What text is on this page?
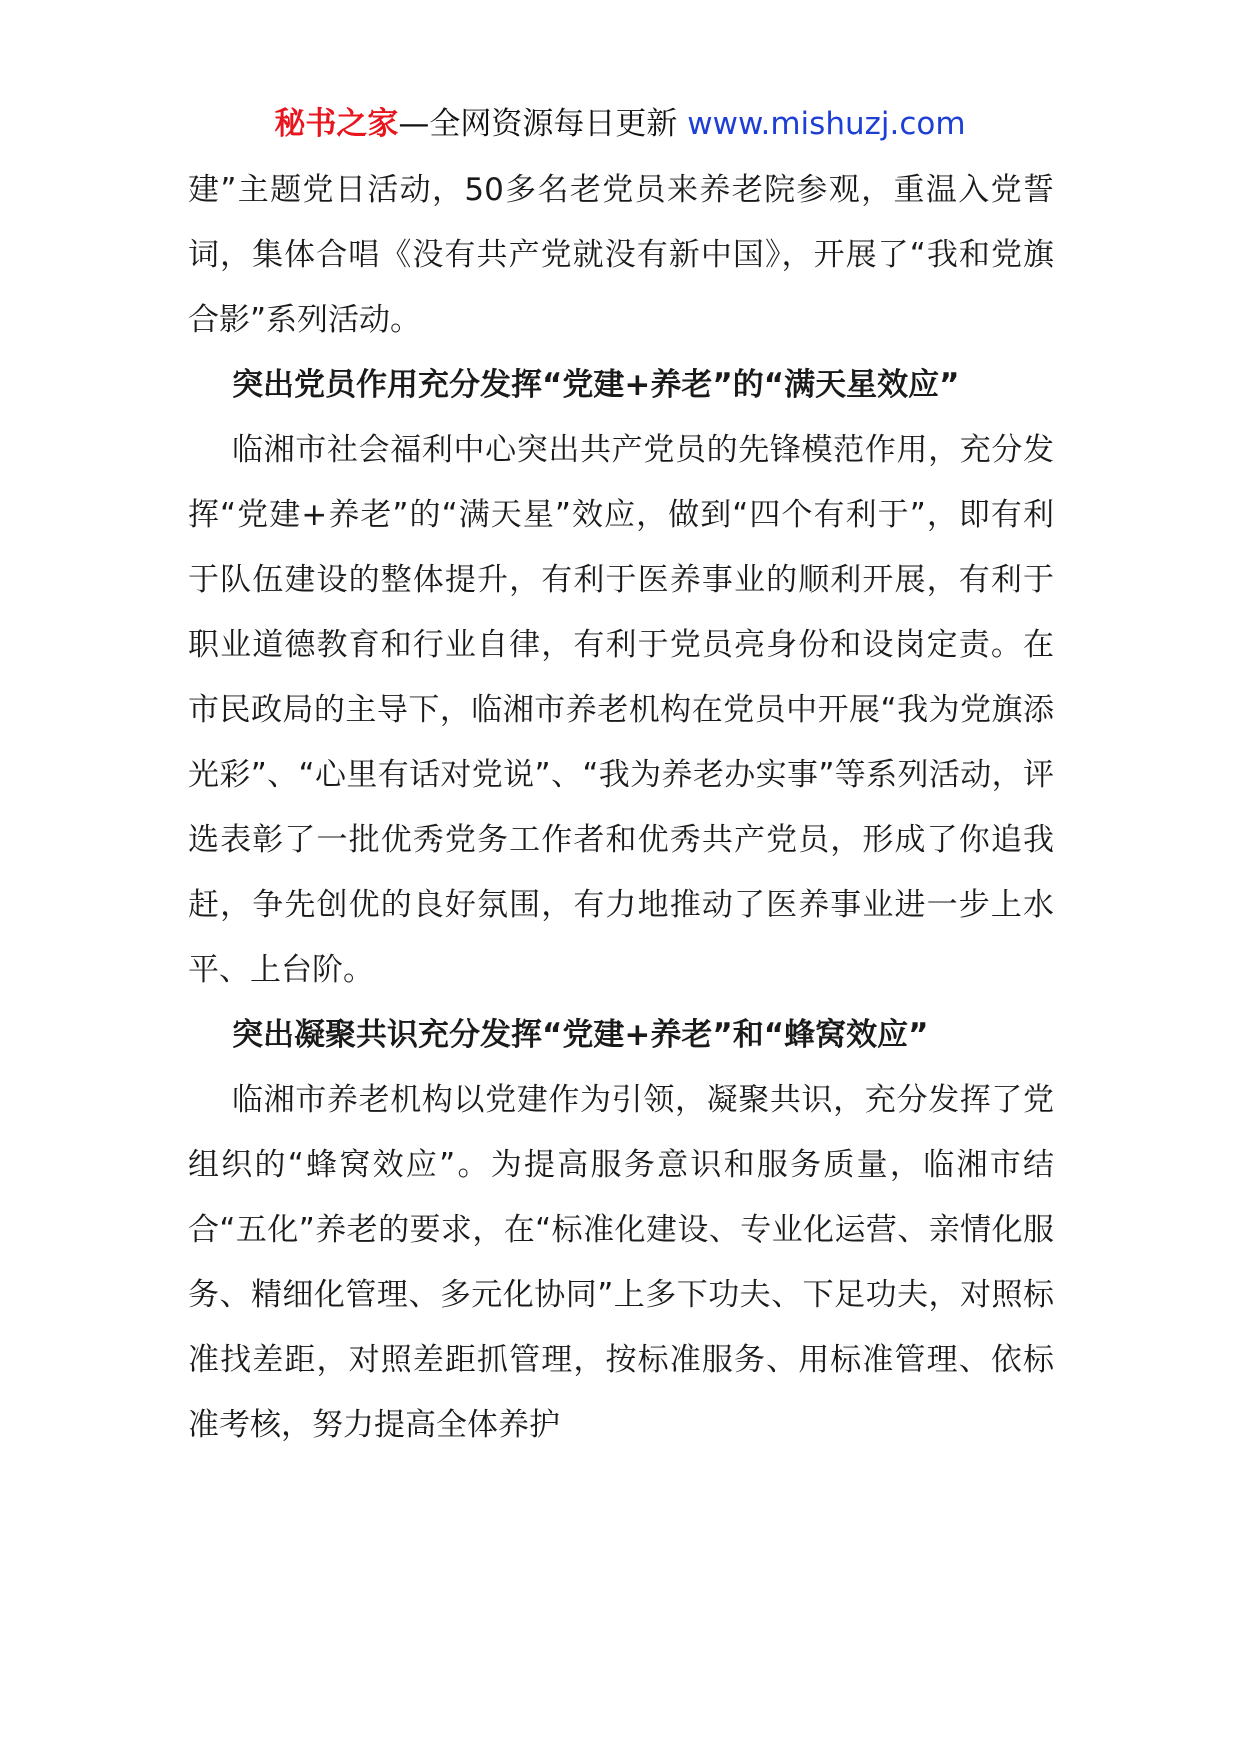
秘书之家—全网资源每日更新 www.mishuzj.com

建”主题党日活动，50多名老党员来养老院参观，重温入党誓词，集体合唱《没有共产党就没有新中国》，开展了“我和党旗合影”系列活动。

突出党员作用充分发挥“党建+养老”的“满天星效应”

临湘市社会福利中心突出共产党员的先锋模范作用，充分发挥“党建+养老”的“满天星”效应，做到“四个有利于”，即有利于队伍建设的整体提升，有利于医养事业的顺利开展，有利于职业道德教育和行业自律，有利于党员亮身份和设岗定责。在市民政局的主导下，临湘市养老机构在党员中开展“我为党旗添光彩”、“心里有话对党说”、“我为养老办实事”等系列活动，评选表彰了一批优秀党务工作者和优秀共产党员，形成了你追我赶，争先创优的良好氛围，有力地推动了医养事业进一步上水平、上台阶。

突出凝聚共识充分发挥“党建+养老”和“蜂窝效应”

临湘市养老机构以党建作为引领，凝聚共识，充分发挥了党组织的“蜂窝效应”。为提高服务意识和服务质量，临湘市结合“五化”养老的要求，在“标准化建设、专业化运营、亲情化服务、精细化管理、多元化协同”上多下功夫、下足功夫，对照标准找差距，对照差距抓管理，按标准服务、用标准管理、依标准考核，努力提高全体养护
